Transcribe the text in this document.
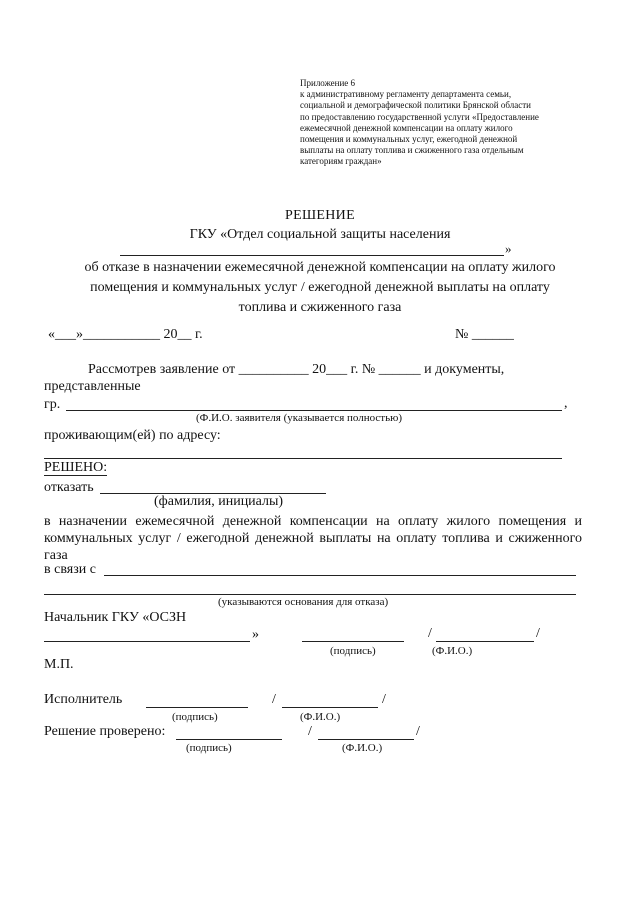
Приложение 6
к административному регламенту департамента семьи,
социальной и демографической политики Брянской области
по предоставлению государственной услуги «Предоставление
ежемесячной денежной компенсации на оплату жилого
помещения и коммунальных услуг, ежегодной денежной
выплаты на оплату топлива и сжиженного газа отдельным
категориям граждан»
РЕШЕНИЕ
ГКУ «Отдел социальной защиты населения
»
об отказе в назначении ежемесячной денежной компенсации на оплату жилого
помещения и коммунальных услуг / ежегодной денежной выплаты на оплату
топлива и сжиженного газа
«___»___________ 20__ г.	№ ______
Рассмотрев заявление от __________ 20___ г. № ______ и документы,
представленные
гр.	,
(Ф.И.О. заявителя (указывается полностью)
проживающим(ей) по адресу:
РЕШЕНО:
отказать
(фамилия, инициалы)
в назначении ежемесячной денежной компенсации на оплату жилого помещения и коммунальных услуг / ежегодной денежной выплаты на оплату топлива и сжиженного газа
в связи с
(указываются основания для отказа)
Начальник ГКУ «ОСЗН
»	/	/
(подпись)	(Ф.И.О.)
М.П.
Исполнитель	/	/
(подпись)	(Ф.И.О.)
Решение проверено:	/	/
(подпись)	(Ф.И.О.)
